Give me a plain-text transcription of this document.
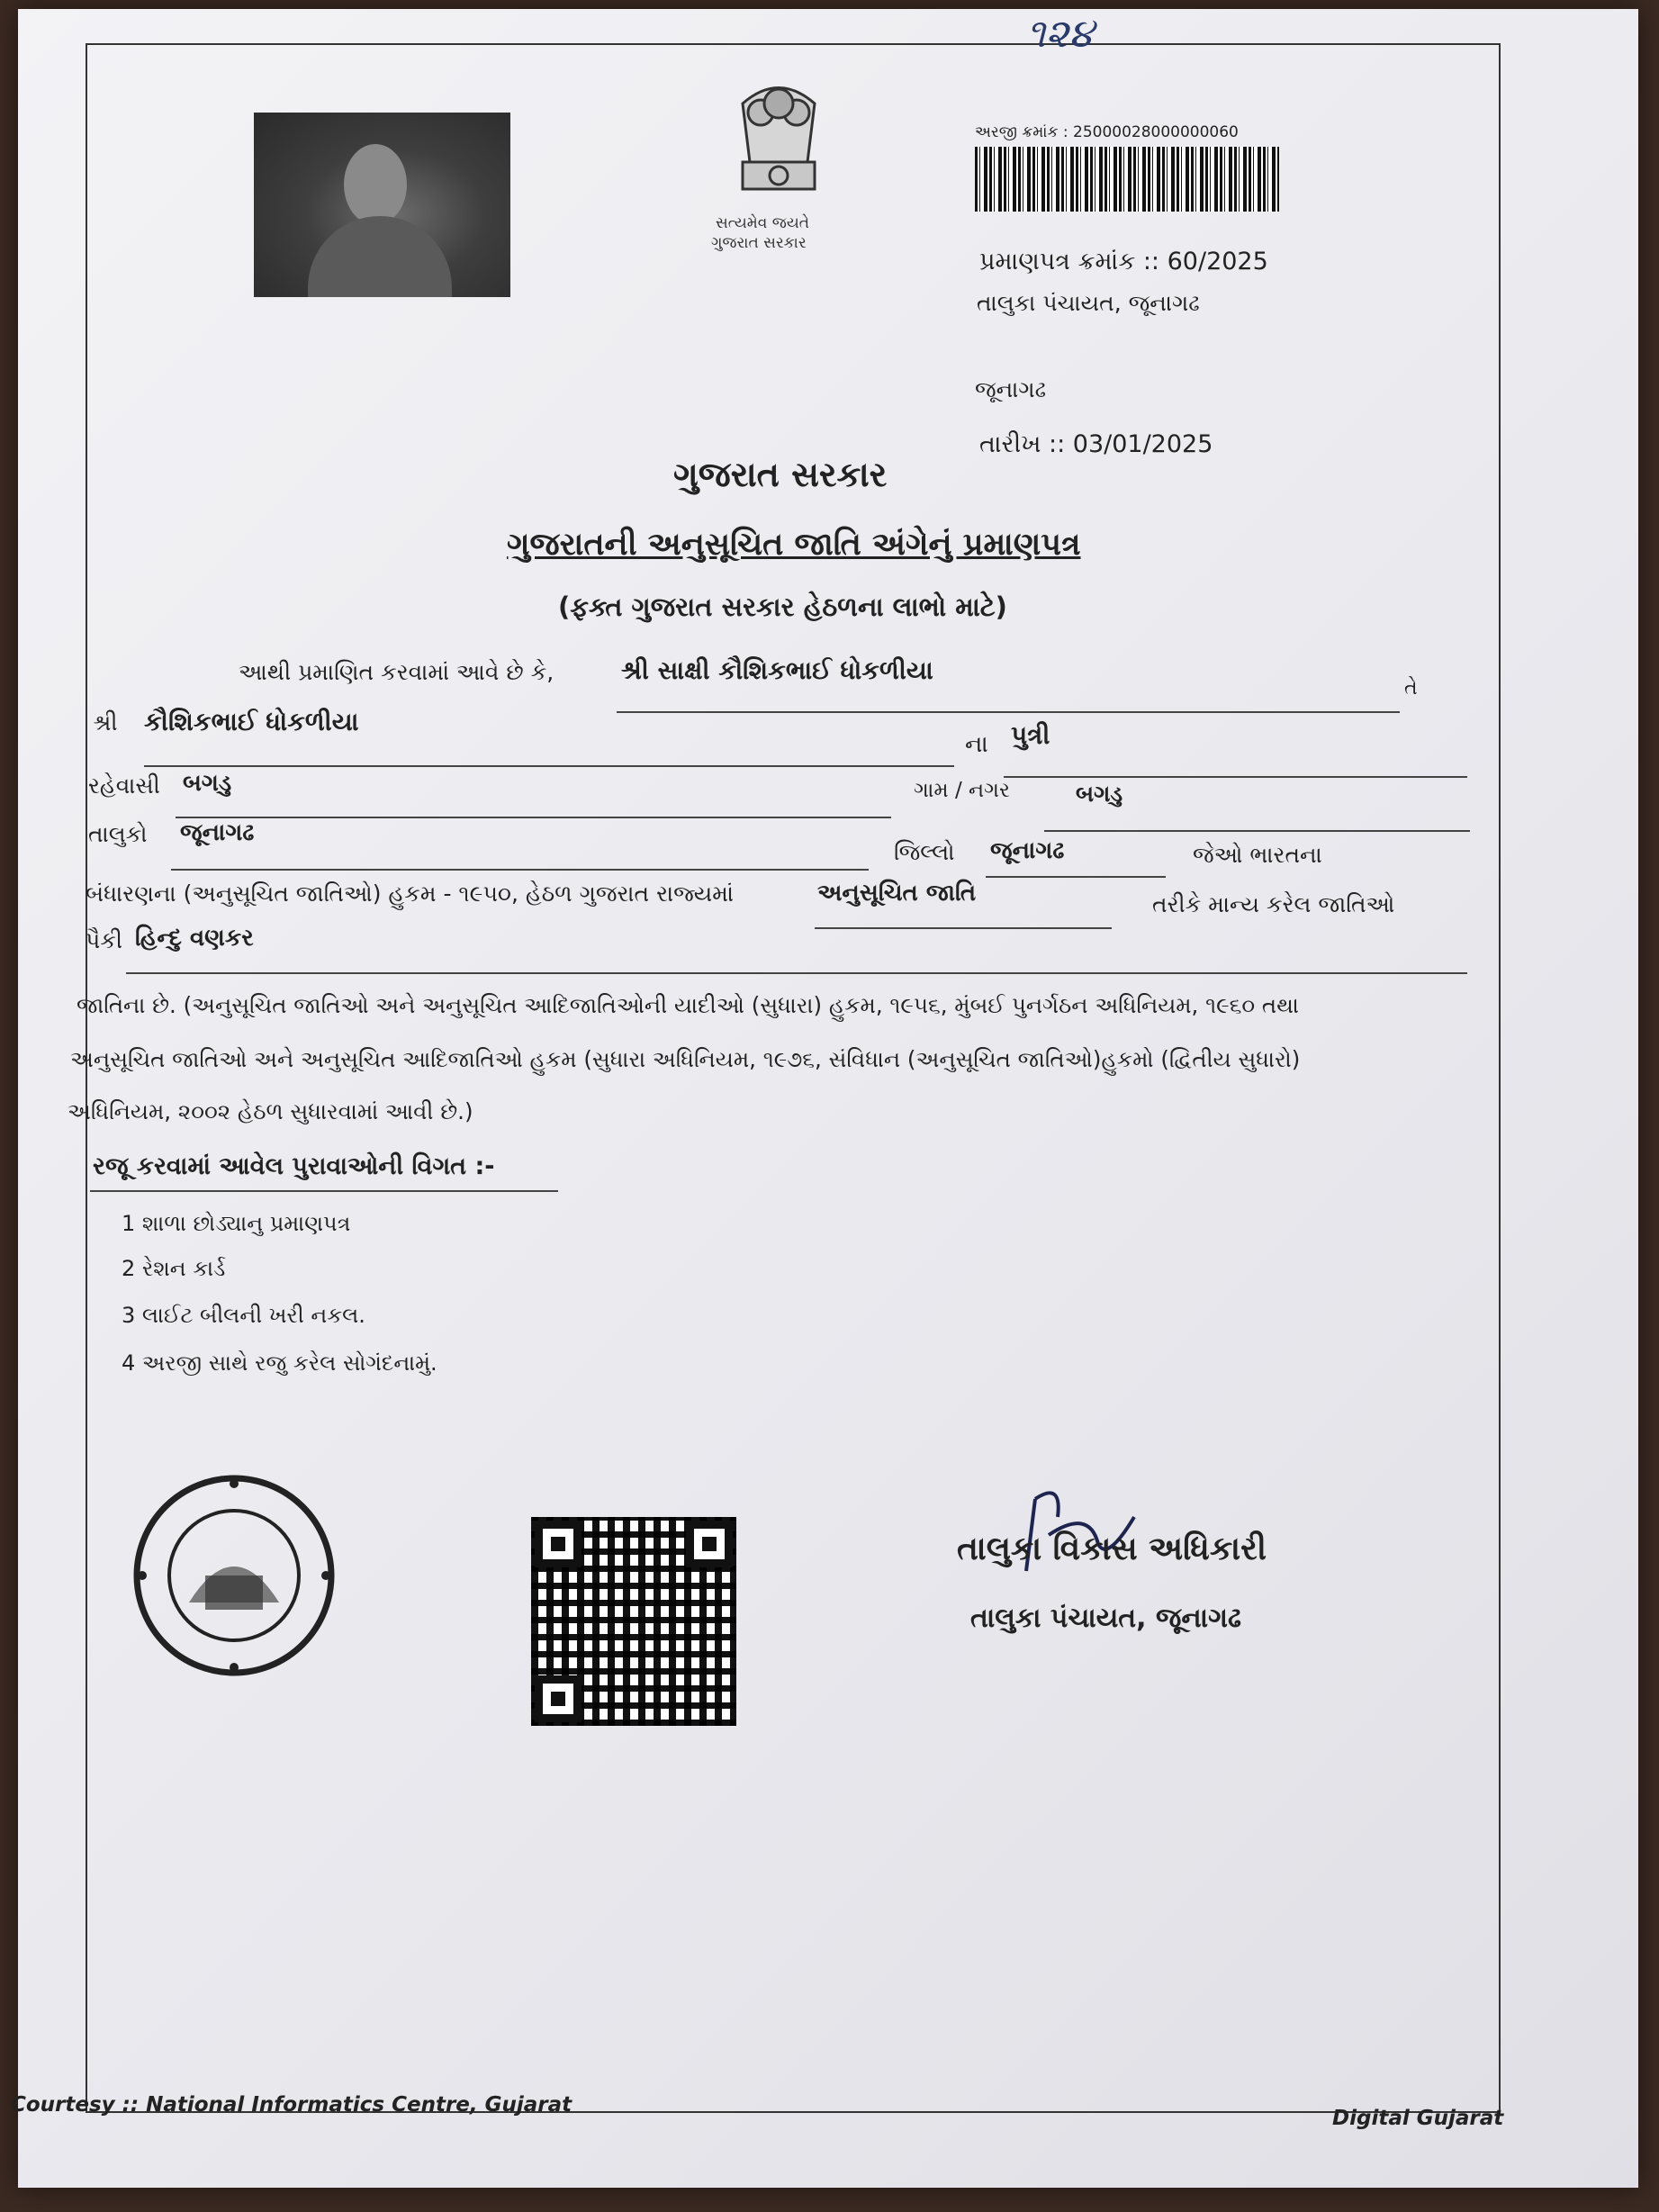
૧૨૪
સત્યમેવ જયતે
ગુજરાત સરકાર
અરજી ક્રમાંક : 25000028000000060
પ્રમાણપત્ર ક્રમાંક :: 60/2025
તાલુકા પંચાયત, જૂનાગઢ
જૂનાગઢ
તારીખ :: 03/01/2025
ગુજરાત સરકાર
ગુજરાતની અનુસૂચિત જાતિ અંગેનું પ્રમાણપત્ર
(ફક્ત ગુજરાત સરકાર હેઠળના લાભો માટે)
આથી પ્રમાણિત કરવામાં આવે છે કે,	શ્રી સાક્ષી કૌશિકભાઈ ધોકળીયા
તે
શ્રી કૌશિકભાઈ ધોકળીયા
ના પુત્રી
રહેવાસી બગડુ	ગામ / નગર	બગડુ
તાલુકો જૂનાગઢ
જિલ્લો જૂનાગઢ	જેઓ ભારતના
બંધારણના (અનુસૂચિત જાતિઓ) હુકમ - ૧૯૫૦, હેઠળ ગુજરાત રાજ્યમાં	અનુસૂચિત જાતિ	તરીકે માન્ય કરેલ જાતિઓ
પૈકી હિન્દુ વણકર
જાતિના છે. (અનુસૂચિત જાતિઓ અને અનુસૂચિત આદિજાતિઓની યાદીઓ (સુધારા) હુકમ, ૧૯૫૬, મુંબઈ પુનર્ગઠન અધિનિયમ, ૧૯૬૦ તથા
અનુસૂચિત જાતિઓ અને અનુસૂચિત આદિજાતિઓ હુકમ (સુધારા અધિનિયમ, ૧૯૭૬, સંવિધાન (અનુસૂચિત જાતિઓ)હુકમો (દ્વિતીય સુધારો)
અધિનિયમ, ૨૦૦૨ હેઠળ સુધારવામાં આવી છે.)
રજૂ કરવામાં આવેલ પુરાવાઓની વિગત :-
1 શાળા છોડ્યાનુ પ્રમાણપત્ર
2 રેશન કાર્ડ
3 લાઈટ બીલની ખરી નકલ.
4 અરજી સાથે રજુ કરેલ સોગંદનામું.
તાલુકા વિકાસ અધિકારી
તાલુકા પંચાયત, જૂનાગઢ
Courtesy :: National Informatics Centre, Gujarat
Digital Gujarat
